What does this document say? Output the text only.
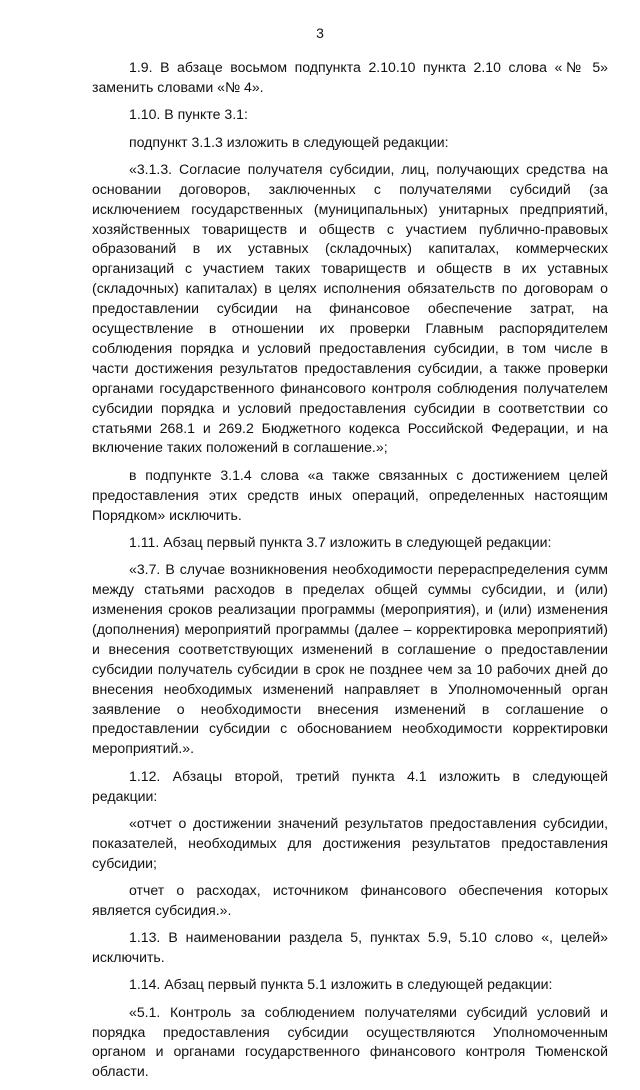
3

1.9. В абзаце восьмом подпункта 2.10.10 пункта 2.10 слова «№ 5» заменить словами «№ 4».

1.10. В пункте 3.1:

подпункт 3.1.3 изложить в следующей редакции:

«3.1.3. Согласие получателя субсидии, лиц, получающих средства на основании договоров, заключенных с получателями субсидий (за исключением государственных (муниципальных) унитарных предприятий, хозяйственных товариществ и обществ с участием публично-правовых образований в их уставных (складочных) капиталах, коммерческих организаций с участием таких товариществ и обществ в их уставных (складочных) капиталах) в целях исполнения обязательств по договорам о предоставлении субсидии на финансовое обеспечение затрат, на осуществление в отношении их проверки Главным распорядителем соблюдения порядка и условий предоставления субсидии, в том числе в части достижения результатов предоставления субсидии, а также проверки органами государственного финансового контроля соблюдения получателем субсидии порядка и условий предоставления субсидии в соответствии со статьями 268.1 и 269.2 Бюджетного кодекса Российской Федерации, и на включение таких положений в соглашение.»;

в подпункте 3.1.4 слова «а также связанных с достижением целей предоставления этих средств иных операций, определенных настоящим Порядком» исключить.

1.11. Абзац первый пункта 3.7 изложить в следующей редакции:

«3.7. В случае возникновения необходимости перераспределения сумм между статьями расходов в пределах общей суммы субсидии, и (или) изменения сроков реализации программы (мероприятия), и (или) изменения (дополнения) мероприятий программы (далее – корректировка мероприятий) и внесения соответствующих изменений в соглашение о предоставлении субсидии получатель субсидии в срок не позднее чем за 10 рабочих дней до внесения необходимых изменений направляет в Уполномоченный орган заявление о необходимости внесения изменений в соглашение о предоставлении субсидии с обоснованием необходимости корректировки мероприятий.».

1.12. Абзацы второй, третий пункта 4.1 изложить в следующей редакции:

«отчет о достижении значений результатов предоставления субсидии, показателей, необходимых для достижения результатов предоставления субсидии;

отчет о расходах, источником финансового обеспечения которых является субсидия.».

1.13. В наименовании раздела 5, пунктах 5.9, 5.10 слово «, целей» исключить.

1.14. Абзац первый пункта 5.1 изложить в следующей редакции:

«5.1. Контроль за соблюдением получателями субсидий условий и порядка предоставления субсидии осуществляются Уполномоченным органом и органами государственного финансового контроля Тюменской области.
